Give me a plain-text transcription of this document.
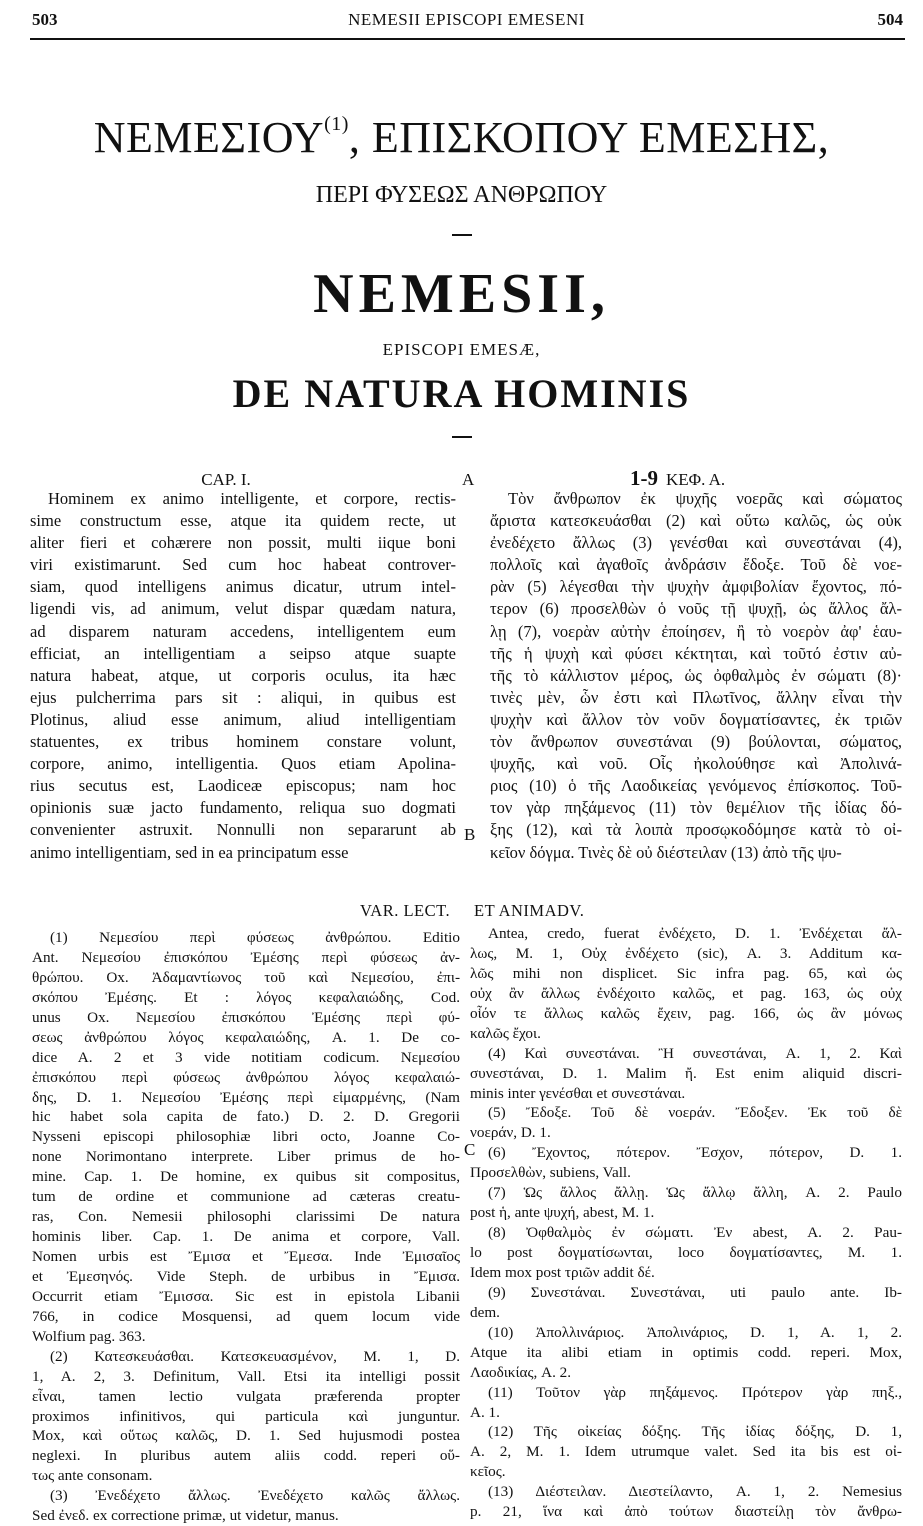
503	NEMESII EPISCOPI EMESENI	504
ΝΕΜΕΣΙΟΥ$^{(1)}$, ΕΠΙΣΚΟΠΟΥ ΕΜΕΣΗΣ,
ΠΕΡΙ ΦΥΣΕΩΣ ΑΝΘΡΩΠΟΥ
NEMESII,
EPISCOPI EMESÆ,
DE NATURA HOMINIS
CAP. I.	1-9 ΚΕΦ. Α.
A
B
C
Hominem ex animo intelligente, et corpore, rectis-
sime constructum esse, atque ita quidem recte, ut
aliter fieri et cohærere non possit, multi iique boni
viri existimarunt. Sed cum hoc habeat controver-
siam, quod intelligens animus dicatur, utrum intel-
ligendi vis, ad animum, velut dispar quædam natura,
ad disparem naturam accedens, intelligentem eum
efficiat, an intelligentiam a seipso atque suapte
natura habeat, atque, ut corporis oculus, ita hæc
ejus pulcherrima pars sit : aliqui, in quibus est
Plotinus, aliud esse animum, aliud intelligentiam
statuentes, ex tribus hominem constare volunt,
corpore, animo, intelligentia. Quos etiam Apolina-
rius secutus est, Laodiceæ episcopus; nam hoc
opinionis suæ jacto fundamento, reliqua suo dogmati
convenienter astruxit. Nonnulli non separarunt ab
animo intelligentiam, sed in ea principatum esse
Τὸν ἄνθρωπον ἐκ ψυχῆς νοερᾶς καὶ σώματος
ἄριστα κατεσκευάσθαι (2) καὶ οὕτω καλῶς, ὡς οὐκ
ἐνεδέχετο ἄλλως (3) γενέσθαι καὶ συνεστάναι (4),
πολλοῖς καὶ ἀγαθοῖς ἀνδράσιν ἔδοξε. Τοῦ δὲ νοε-
ρὰν (5) λέγεσθαι τὴν ψυχὴν ἀμφιβολίαν ἔχοντος, πό-
τερον (6) προσελθὼν ὁ νοῦς τῇ ψυχῇ, ὡς ἄλλος ἄλ-
λῃ (7), νοερὰν αὐτὴν ἐποίησεν, ἢ τὸ νοερὸν ἀφ' ἑαυ-
τῆς ἡ ψυχὴ καὶ φύσει κέκτηται, καὶ τοῦτό ἐστιν αὐ-
τῆς τὸ κάλλιστον μέρος, ὡς ὀφθαλμὸς ἐν σώματι (8)·
τινὲς μὲν, ὧν ἐστι καὶ Πλωτῖνος, ἄλλην εἶναι τὴν
ψυχὴν καὶ ἄλλον τὸν νοῦν δογματίσαντες, ἐκ τριῶν
τὸν ἄνθρωπον συνεστάναι (9) βούλονται, σώματος,
ψυχῆς, καὶ νοῦ. Οἷς ἠκολούθησε καὶ Ἀπολινά-
ριος (10) ὁ τῆς Λαοδικείας γενόμενος ἐπίσκοπος. Τοῦ-
τον γὰρ πηξάμενος (11) τὸν θεμέλιον τῆς ἰδίας δό-
ξης (12), καὶ τὰ λοιπὰ προσῳκοδόμησε κατὰ τὸ οἰ-
κεῖον δόγμα. Τινὲς δὲ οὐ διέστειλαν (13) ἀπὸ τῆς ψυ-
VAR. LECT. ET ANIMADV.
(1) Νεμεσίου περὶ φύσεως ἀνθρώπου. Editio
Ant. Νεμεσίου ἐπισκόπου Ἐμέσης περὶ φύσεως ἀν-
θρώπου. Ox. Ἀδαμαντίωνος τοῦ καὶ Νεμεσίου, ἐπι-
σκόπου Ἐμέσης. Et : λόγος κεφαλαιώδης, Cod.
unus Ox. Νεμεσίου ἐπισκόπου Ἐμέσης περὶ φύ-
σεως ἀνθρώπου λόγος κεφαλαιώδης, A. 1. De co-
dice A. 2 et 3 vide notitiam codicum. Νεμεσίου
ἐπισκόπου περὶ φύσεως ἀνθρώπου λόγος κεφαλαιώ-
δης, D. 1. Νεμεσίου Ἐμέσης περὶ εἱμαρμένης, (Nam
hic habet sola capita de fato.) D. 2. D. Gregorii
Nysseni episcopi philosophiæ libri octo, Joanne Co-
none Norimontano interprete. Liber primus de ho-
mine. Cap. 1. De homine, ex quibus sit compositus,
tum de ordine et communione ad cæteras creatu-
ras, Con. Nemesii philosophi clarissimi De natura
hominis liber. Cap. 1. De anima et corpore, Vall.
Nomen urbis est Ἔμισα et Ἔμεσα. Inde Ἐμισαῖος
et Ἐμεσηνός. Vide Steph. de urbibus in Ἔμισα.
Occurrit etiam Ἔμισσα. Sic est in epistola Libanii
766, in codice Mosquensi, ad quem locum vide
Wolfium pag. 363.
(2) Κατεσκευάσθαι. Κατεσκευασμένον, M. 1, D.
1, A. 2, 3. Definitum, Vall. Etsi ita intelligi possit
εἶναι, tamen lectio vulgata præferenda propter
proximos infinitivos, qui particula καὶ junguntur.
Mox, καὶ οὕτως καλῶς, D. 1. Sed hujusmodi postea
neglexi. In pluribus autem aliis codd. reperi οὕ-
τως ante consonam.
(3) Ἐνεδέχετο ἄλλως. Ἐνεδέχετο καλῶς ἄλλως.
Sed ἐνεδ. ex correctione primæ, ut videtur, manus.
Antea, credo, fuerat ἐνδέχετο, D. 1. Ἐνδέχεται ἄλ-
λως, M. 1, Οὐχ ἐνδέχετο (sic), A. 3. Additum κα-
λῶς mihi non displicet. Sic infra pag. 65, καὶ ὡς
οὐχ ἂν ἄλλως ἐνδέχοιτο καλῶς, et pag. 163, ὡς οὐχ
οἷόν τε ἄλλως καλῶς ἔχειν, pag. 166, ὡς ἂν μόνως
καλῶς ἔχοι.
(4) Καὶ συνεστάναι. Ἢ συνεστάναι, A. 1, 2. Καὶ
συνεστάναι, D. 1. Malim ἤ. Est enim aliquid discri-
minis inter γενέσθαι et συνεστάναι.
(5) Ἔδοξε. Τοῦ δὲ νοεράν. Ἔδοξεν. Ἐκ τοῦ δὲ
νοεράν, D. 1.
(6) Ἔχοντος, πότερον. Ἔσχον, πότερον, D. 1.
Προσελθὼν, subiens, Vall.
(7) Ὡς ἄλλος ἄλλῃ. Ὡς ἄλλῳ ἄλλη, A. 2. Paulo
post ἡ, ante ψυχή, abest, M. 1.
(8) Ὀφθαλμὸς ἐν σώματι. Ἐν abest, A. 2. Pau-
lo post δογματίσωνται, loco δογματίσαντες, M. 1.
Idem mox post τριῶν addit δέ.
(9) Συνεστάναι. Συνεστάναι, uti paulo ante. Ib-
dem.
(10) Ἀπολλινάριος. Ἀπολινάριος, D. 1, A. 1, 2.
Atque ita alibi etiam in optimis codd. reperi. Mox,
Λαοδικίας, A. 2.
(11) Τοῦτον γὰρ πηξάμενος. Πρότερον γὰρ πηξ.,
A. 1.
(12) Τῆς οἰκείας δόξης. Τῆς ἰδίας δόξης, D. 1,
A. 2, M. 1. Idem utrumque valet. Sed ita bis est οἰ-
κεῖος.
(13) Διέστειλαν. Διεστείλαντο, A. 1, 2. Nemesius
p. 21, ἵνα καὶ ἀπὸ τούτων διαστείλῃ τὸν ἄνθρω-
